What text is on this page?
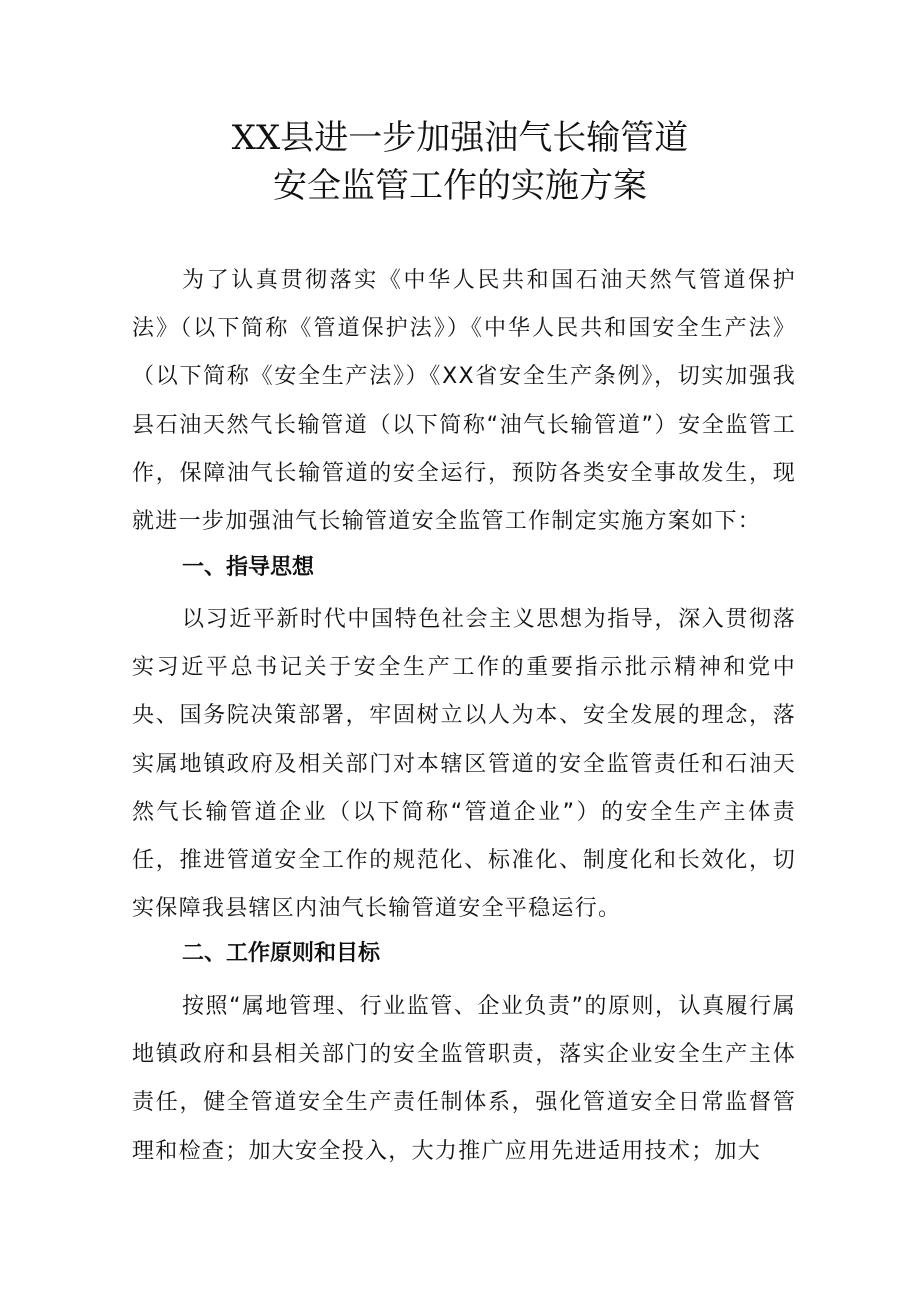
XX县进一步加强油气长输管道
安全监管工作的实施方案

为了认真贯彻落实《中华人民共和国石油天然气管道保护法》（以下简称《管道保护法》）《中华人民共和国安全生产法》（以下简称《安全生产法》）《XX省安全生产条例》，切实加强我县石油天然气长输管道（以下简称“油气长输管道”）安全监管工作，保障油气长输管道的安全运行，预防各类安全事故发生，现就进一步加强油气长输管道安全监管工作制定实施方案如下：

一、指导思想

以习近平新时代中国特色社会主义思想为指导，深入贯彻落实习近平总书记关于安全生产工作的重要指示批示精神和党中央、国务院决策部署，牢固树立以人为本、安全发展的理念，落实属地镇政府及相关部门对本辖区管道的安全监管责任和石油天然气长输管道企业（以下简称“管道企业”）的安全生产主体责任，推进管道安全工作的规范化、标准化、制度化和长效化，切实保障我县辖区内油气长输管道安全平稳运行。

二、工作原则和目标

按照“属地管理、行业监管、企业负责”的原则，认真履行属地镇政府和县相关部门的安全监管职责，落实企业安全生产主体责任，健全管道安全生产责任制体系，强化管道安全日常监督管理和检查；加大安全投入，大力推广应用先进适用技术；加大
